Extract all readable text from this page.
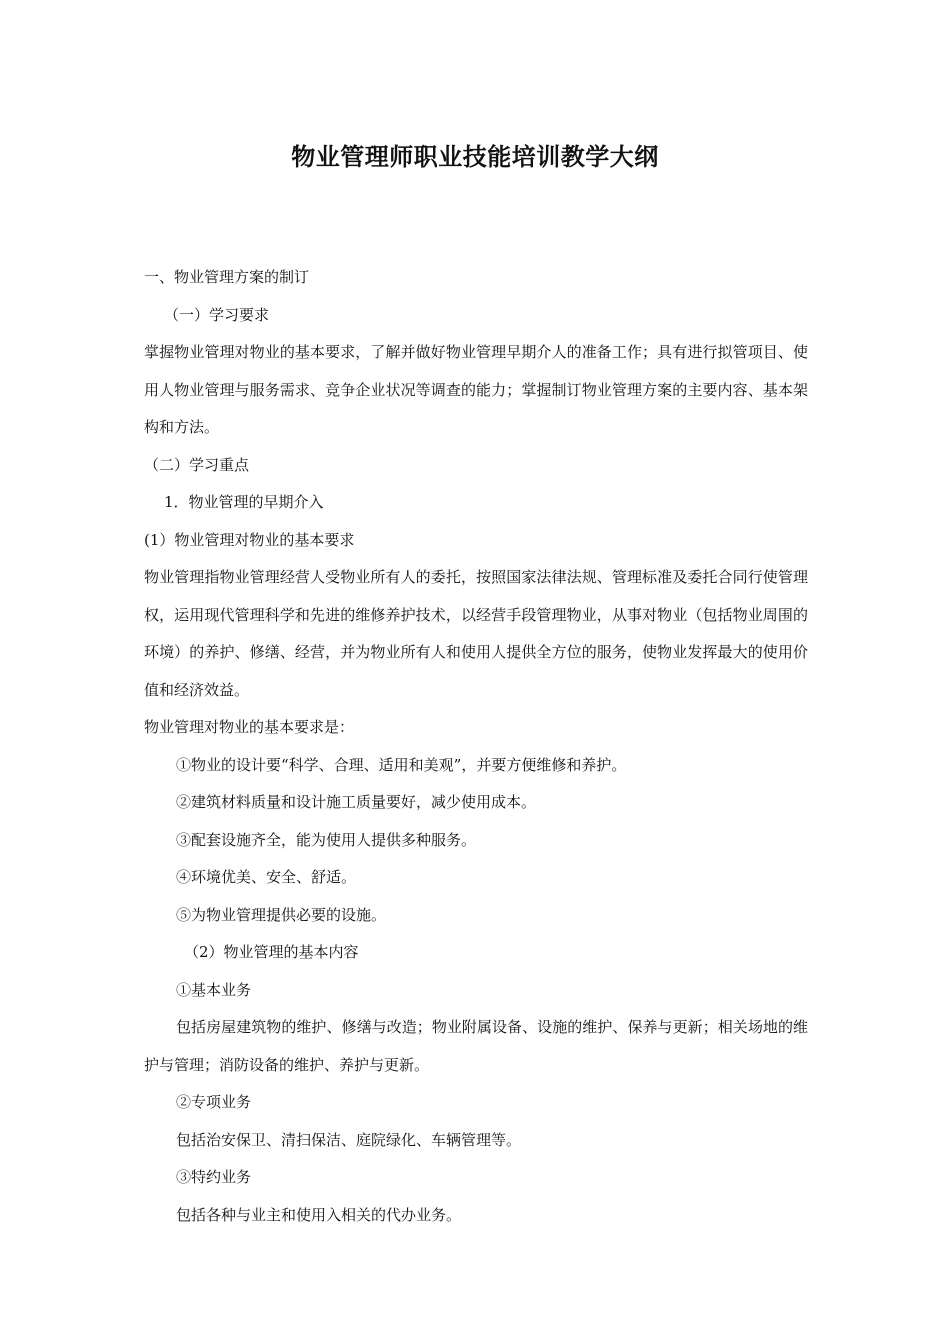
物业管理师职业技能培训教学大纲

一、物业管理方案的制订

（一）学习要求

掌握物业管理对物业的基本要求，了解并做好物业管理早期介人的准备工作；具有进行拟管项目、使用人物业管理与服务需求、竞争企业状况等调查的能力；掌握制订物业管理方案的主要内容、基本架构和方法。

（二）学习重点

1．物业管理的早期介入

(1）物业管理对物业的基本要求

物业管理指物业管理经营人受物业所有人的委托，按照国家法律法规、管理标准及委托合同行使管理权，运用现代管理科学和先进的维修养护技术，以经营手段管理物业，从事对物业（包括物业周围的环境）的养护、修缮、经营，并为物业所有人和使用人提供全方位的服务，使物业发挥最大的使用价值和经济效益。

物业管理对物业的基本要求是：

①物业的设计要“科学、合理、适用和美观”，并要方便维修和养护。

②建筑材料质量和设计施工质量要好，减少使用成本。

③配套设施齐全，能为使用人提供多种服务。

④环境优美、安全、舒适。

⑤为物业管理提供必要的设施。

（2）物业管理的基本内容

①基本业务

包括房屋建筑物的维护、修缮与改造；物业附属设备、设施的维护、保养与更新；相关场地的维护与管理；消防设备的维护、养护与更新。

②专项业务

包括治安保卫、清扫保洁、庭院绿化、车辆管理等。

③特约业务

包括各种与业主和使用入相关的代办业务。
